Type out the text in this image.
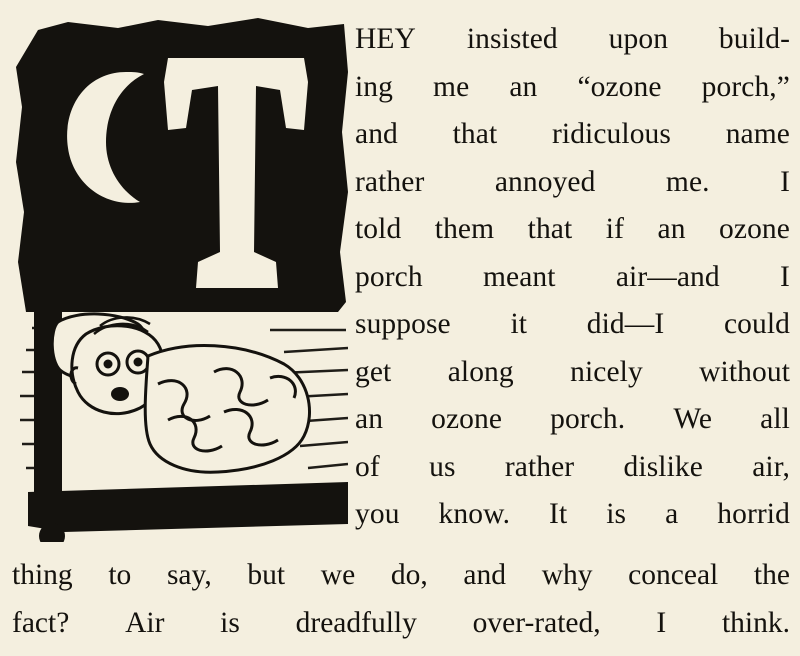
HEY insisted upon build-
ing me an “ozone porch,”
and that ridiculous name
rather annoyed me. I
told them that if an ozone
porch meant air—and I
suppose it did—I could
get along nicely without
an ozone porch. We all
of us rather dislike air,
you know. It is a horrid
thing to say, but we do, and why conceal the
fact? Air is dreadfully over-rated, I think.
